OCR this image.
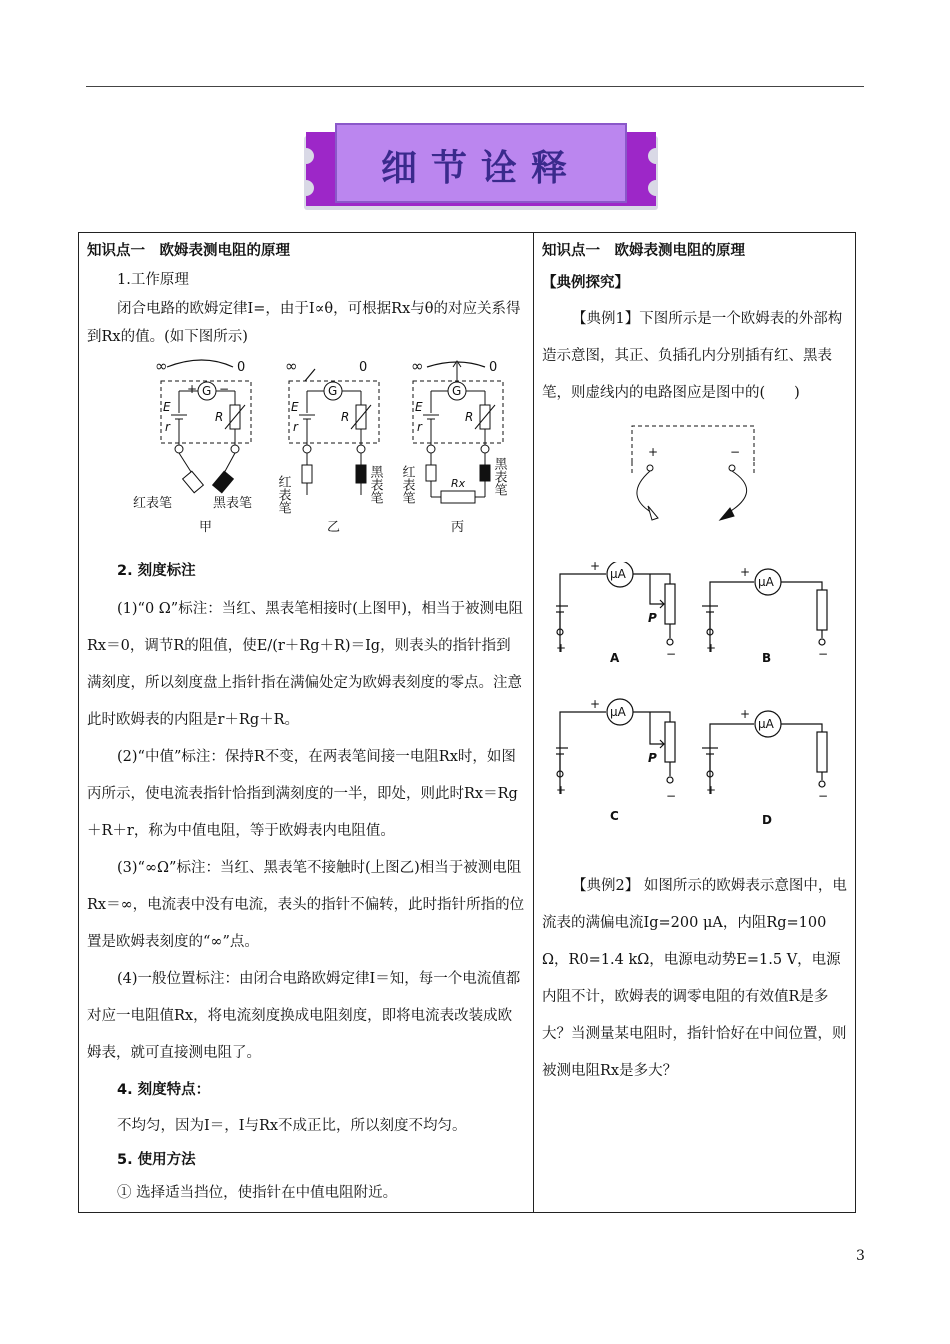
细节诠释
知识点一　欧姆表测电阻的原理
1.工作原理

闭合电路的欧姆定律I=，由于I∝θ，可根据Rx与θ的对应关系得到Rx的值。(如下图所示)

∞	0
G
+ −
E
r
R
红表笔	黑表笔
甲
∞	0
G
E
r
R
红表笔	黑表笔
乙
∞	0
G
E
r
R
Rx
红表笔	黑表笔
丙
2. 刻度标注

(1)“0 Ω”标注：当红、黑表笔相接时(上图甲)，相当于被测电阻Rx＝0，调节R的阻值，使E/(r＋Rg＋R)＝Ig，则表头的指针指到满刻度，所以刻度盘上指针指在满偏处定为欧姆表刻度的零点。注意此时欧姆表的内阻是r＋Rg＋R。

(2)“中值”标注：保持R不变，在两表笔间接一电阻Rx时，如图丙所示，使电流表指针恰指到满刻度的一半，即处，则此时Rx＝Rg＋R＋r，称为中值电阻，等于欧姆表内电阻值。

(3)“∞Ω”标注：当红、黑表笔不接触时(上图乙)相当于被测电阻Rx＝∞，电流表中没有电流，表头的指针不偏转，此时指针所指的位置是欧姆表刻度的“∞”点。

(4)一般位置标注：由闭合电路欧姆定律I＝知，每一个电流值都对应一电阻值Rx，将电流刻度换成电阻刻度，即将电流表改装成欧姆表，就可直接测电阻了。

4. 刻度特点：

不均匀，因为I＝，I与Rx不成正比，所以刻度不均匀。

5. 使用方法

① 选择适当挡位，使指针在中值电阻附近。

知识点一　欧姆表测电阻的原理
【典例探究】

【典例1】下图所示是一个欧姆表的外部构造示意图，其正、负插孔内分别插有红、黑表笔，则虚线内的电路图应是图中的(　　)

+	−
μA
+
P
+	−
A
μA
+
+	−
B
μA
+
P
+	−
C
μA
+
+	−
D

【典例2】 如图所示的欧姆表示意图中，电流表的满偏电流Ig=200 μA，内阻Rg=100 Ω，R0=1.4 kΩ，电源电动势E=1.5 V，电源内阻不计，欧姆表的调零电阻的有效值R是多大？当测量某电阻时，指针恰好在中间位置，则被测电阻Rx是多大？

3
